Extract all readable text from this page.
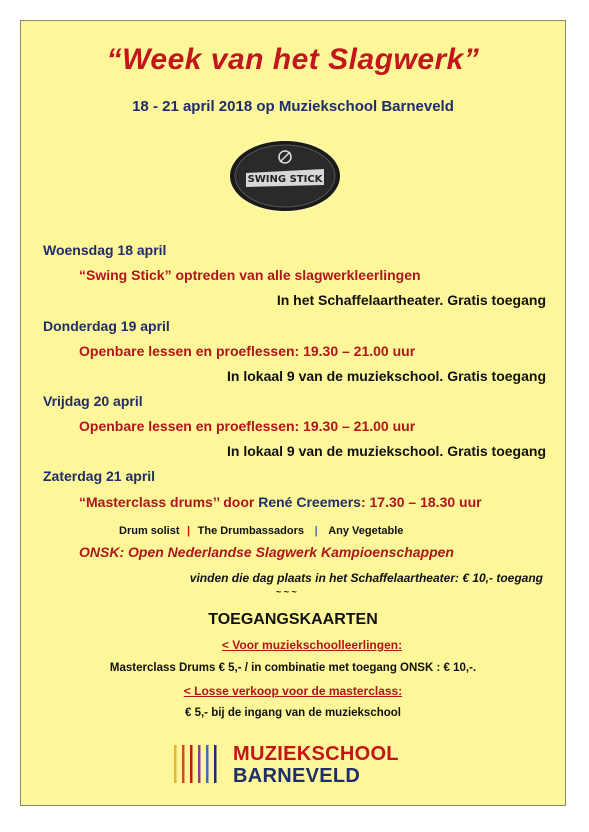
“Week van het Slagwerk”
18 - 21 april 2018 op Muziekschool Barneveld
SWING STICK
Woensdag 18 april
“Swing Stick” optreden van alle slagwerkleerlingen
In het Schaffelaartheater. Gratis toegang
Donderdag 19 april
Openbare lessen en proeflessen: 19.30 – 21.00 uur
In lokaal 9 van de muziekschool. Gratis toegang
Vrijdag 20 april
Openbare lessen en proeflessen: 19.30 – 21.00 uur
In lokaal 9 van de muziekschool. Gratis toegang
Zaterdag 21 april
“Masterclass drums’’ door René Creemers: 17.30 – 18.30 uur
Drum solist  |  The Drumbassadors   |   Any Vegetable
ONSK: Open Nederlandse Slagwerk Kampioenschappen
vinden die dag plaats in het Schaffelaartheater: € 10,- toegang
~ ~ ~
TOEGANGSKAARTEN
< Voor muziekschoolleerlingen:
Masterclass Drums € 5,- / in combinatie met toegang ONSK : € 10,-.
< Losse verkoop voor de masterclass:
€ 5,- bij de ingang van de muziekschool
MUZIEKSCHOOL
BARNEVELD
